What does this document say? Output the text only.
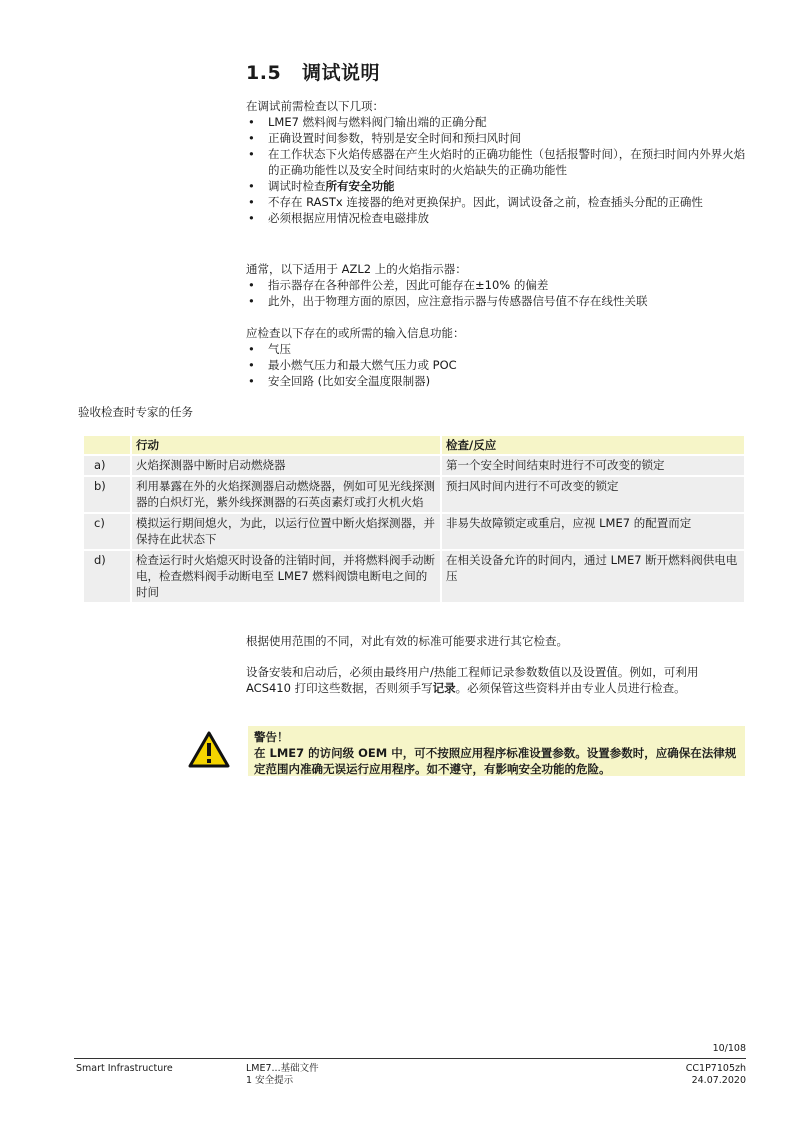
1.5 调试说明
在调试前需检查以下几项：
• LME7 燃料阀与燃料阀门输出端的正确分配
• 正确设置时间参数，特别是安全时间和预扫风时间
• 在工作状态下火焰传感器在产生火焰时的正确功能性（包括报警时间），在预扫时间内外界火焰的正确功能性以及安全时间结束时的火焰缺失的正确功能性
• 调试时检查所有安全功能
• 不存在 RASTx 连接器的绝对更换保护。因此，调试设备之前，检查插头分配的正确性
• 必须根据应用情况检查电磁排放
通常，以下适用于 AZL2 上的火焰指示器：
• 指示器存在各种部件公差，因此可能存在±10% 的偏差
• 此外，出于物理方面的原因，应注意指示器与传感器信号值不存在线性关联
应检查以下存在的或所需的输入信息功能：
• 气压
• 最小燃气压力和最大燃气压力或 POC
• 安全回路 (比如安全温度限制器)
验收检查时专家的任务
	行动	检查/反应
a)	火焰探测器中断时启动燃烧器	第一个安全时间结束时进行不可改变的锁定
b)	利用暴露在外的火焰探测器启动燃烧器，例如可见光线探测器的白炽灯光，紫外线探测器的石英卤素灯或打火机火焰	预扫风时间内进行不可改变的锁定
c)	模拟运行期间熄火，为此，以运行位置中断火焰探测器，并保持在此状态下	非易失故障锁定或重启，应视 LME7 的配置而定
d)	检查运行时火焰熄灭时设备的注销时间，并将燃料阀手动断电，检查燃料阀手动断电至 LME7 燃料阀馈电断电之间的时间	在相关设备允许的时间内，通过 LME7 断开燃料阀供电电压
根据使用范围的不同，对此有效的标准可能要求进行其它检查。
设备安装和启动后，必须由最终用户/热能工程师记录参数数值以及设置值。例如，可利用 ACS410 打印这些数据，否则须手写记录。必须保管这些资料并由专业人员进行检查。
警告！
在 LME7 的访问级 OEM 中，可不按照应用程序标准设置参数。设置参数时，应确保在法律规定范围内准确无误运行应用程序。如不遵守，有影响安全功能的危险。
10/108
Smart Infrastructure	LME7...基础文件
1 安全提示
CC1P7105zh
24.07.2020
